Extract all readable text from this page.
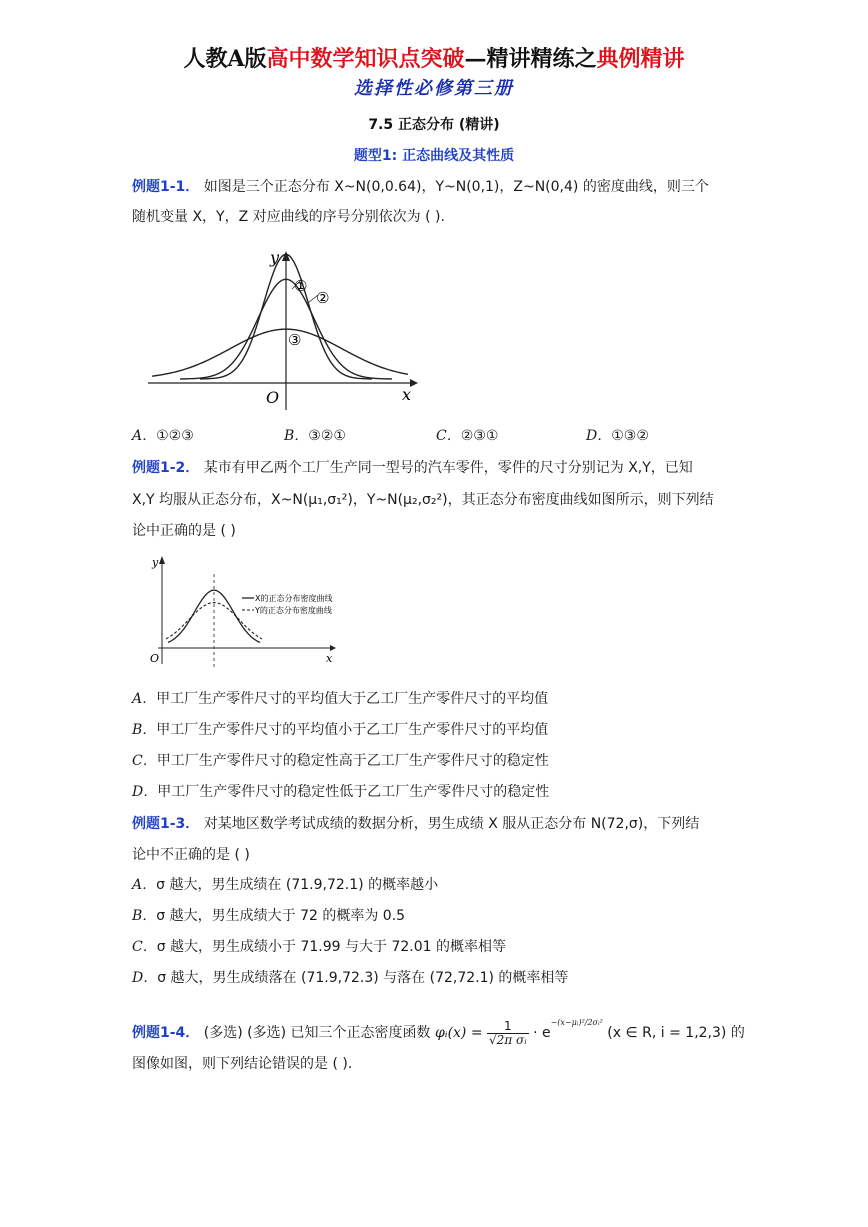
人教A版高中数学知识点突破—精讲精练之典例精讲
选择性必修第三册
7.5 正态分布 (精讲)
题型1: 正态曲线及其性质
例题1-1． 如图是三个正态分布 X~N(0,0.64)，Y~N(0,1)，Z~N(0,4) 的密度曲线，则三个
随机变量 X，Y，Z 对应曲线的序号分别依次为 ( ).
y
x
O
①
②
③
A．①②③	B．③②①	C．②③①	D．①③②
例题1-2． 某市有甲乙两个工厂生产同一型号的汽车零件，零件的尺寸分别记为 X,Y，已知
X,Y 均服从正态分布，X~N(μ₁,σ₁²)，Y~N(μ₂,σ₂²)，其正态分布密度曲线如图所示，则下列结
论中正确的是 ( )
y
x
O
X的正态分布密度曲线
Y的正态分布密度曲线
A．甲工厂生产零件尺寸的平均值大于乙工厂生产零件尺寸的平均值
B．甲工厂生产零件尺寸的平均值小于乙工厂生产零件尺寸的平均值
C．甲工厂生产零件尺寸的稳定性高于乙工厂生产零件尺寸的稳定性
D．甲工厂生产零件尺寸的稳定性低于乙工厂生产零件尺寸的稳定性
例题1-3． 对某地区数学考试成绩的数据分析，男生成绩 X 服从正态分布 N(72,σ)，下列结
论中不正确的是 ( )
A．σ 越大，男生成绩在 (71.9,72.1) 的概率越小
B．σ 越大，男生成绩大于 72 的概率为 0.5
C．σ 越大，男生成绩小于 71.99 与大于 72.01 的概率相等
D．σ 越大，男生成绩落在 (71.9,72.3) 与落在 (72,72.1) 的概率相等
例题1-4． (多选) (多选) 已知三个正态密度函数 φᵢ(x) = $\frac{1}{\text{√2π σᵢ}} \cdot e^{-(x-\mu ᵢ)^2/2\sigma ᵢ^2}$ (x ∈ R, i = 1,2,3) 的
图像如图，则下列结论错误的是 ( ).
